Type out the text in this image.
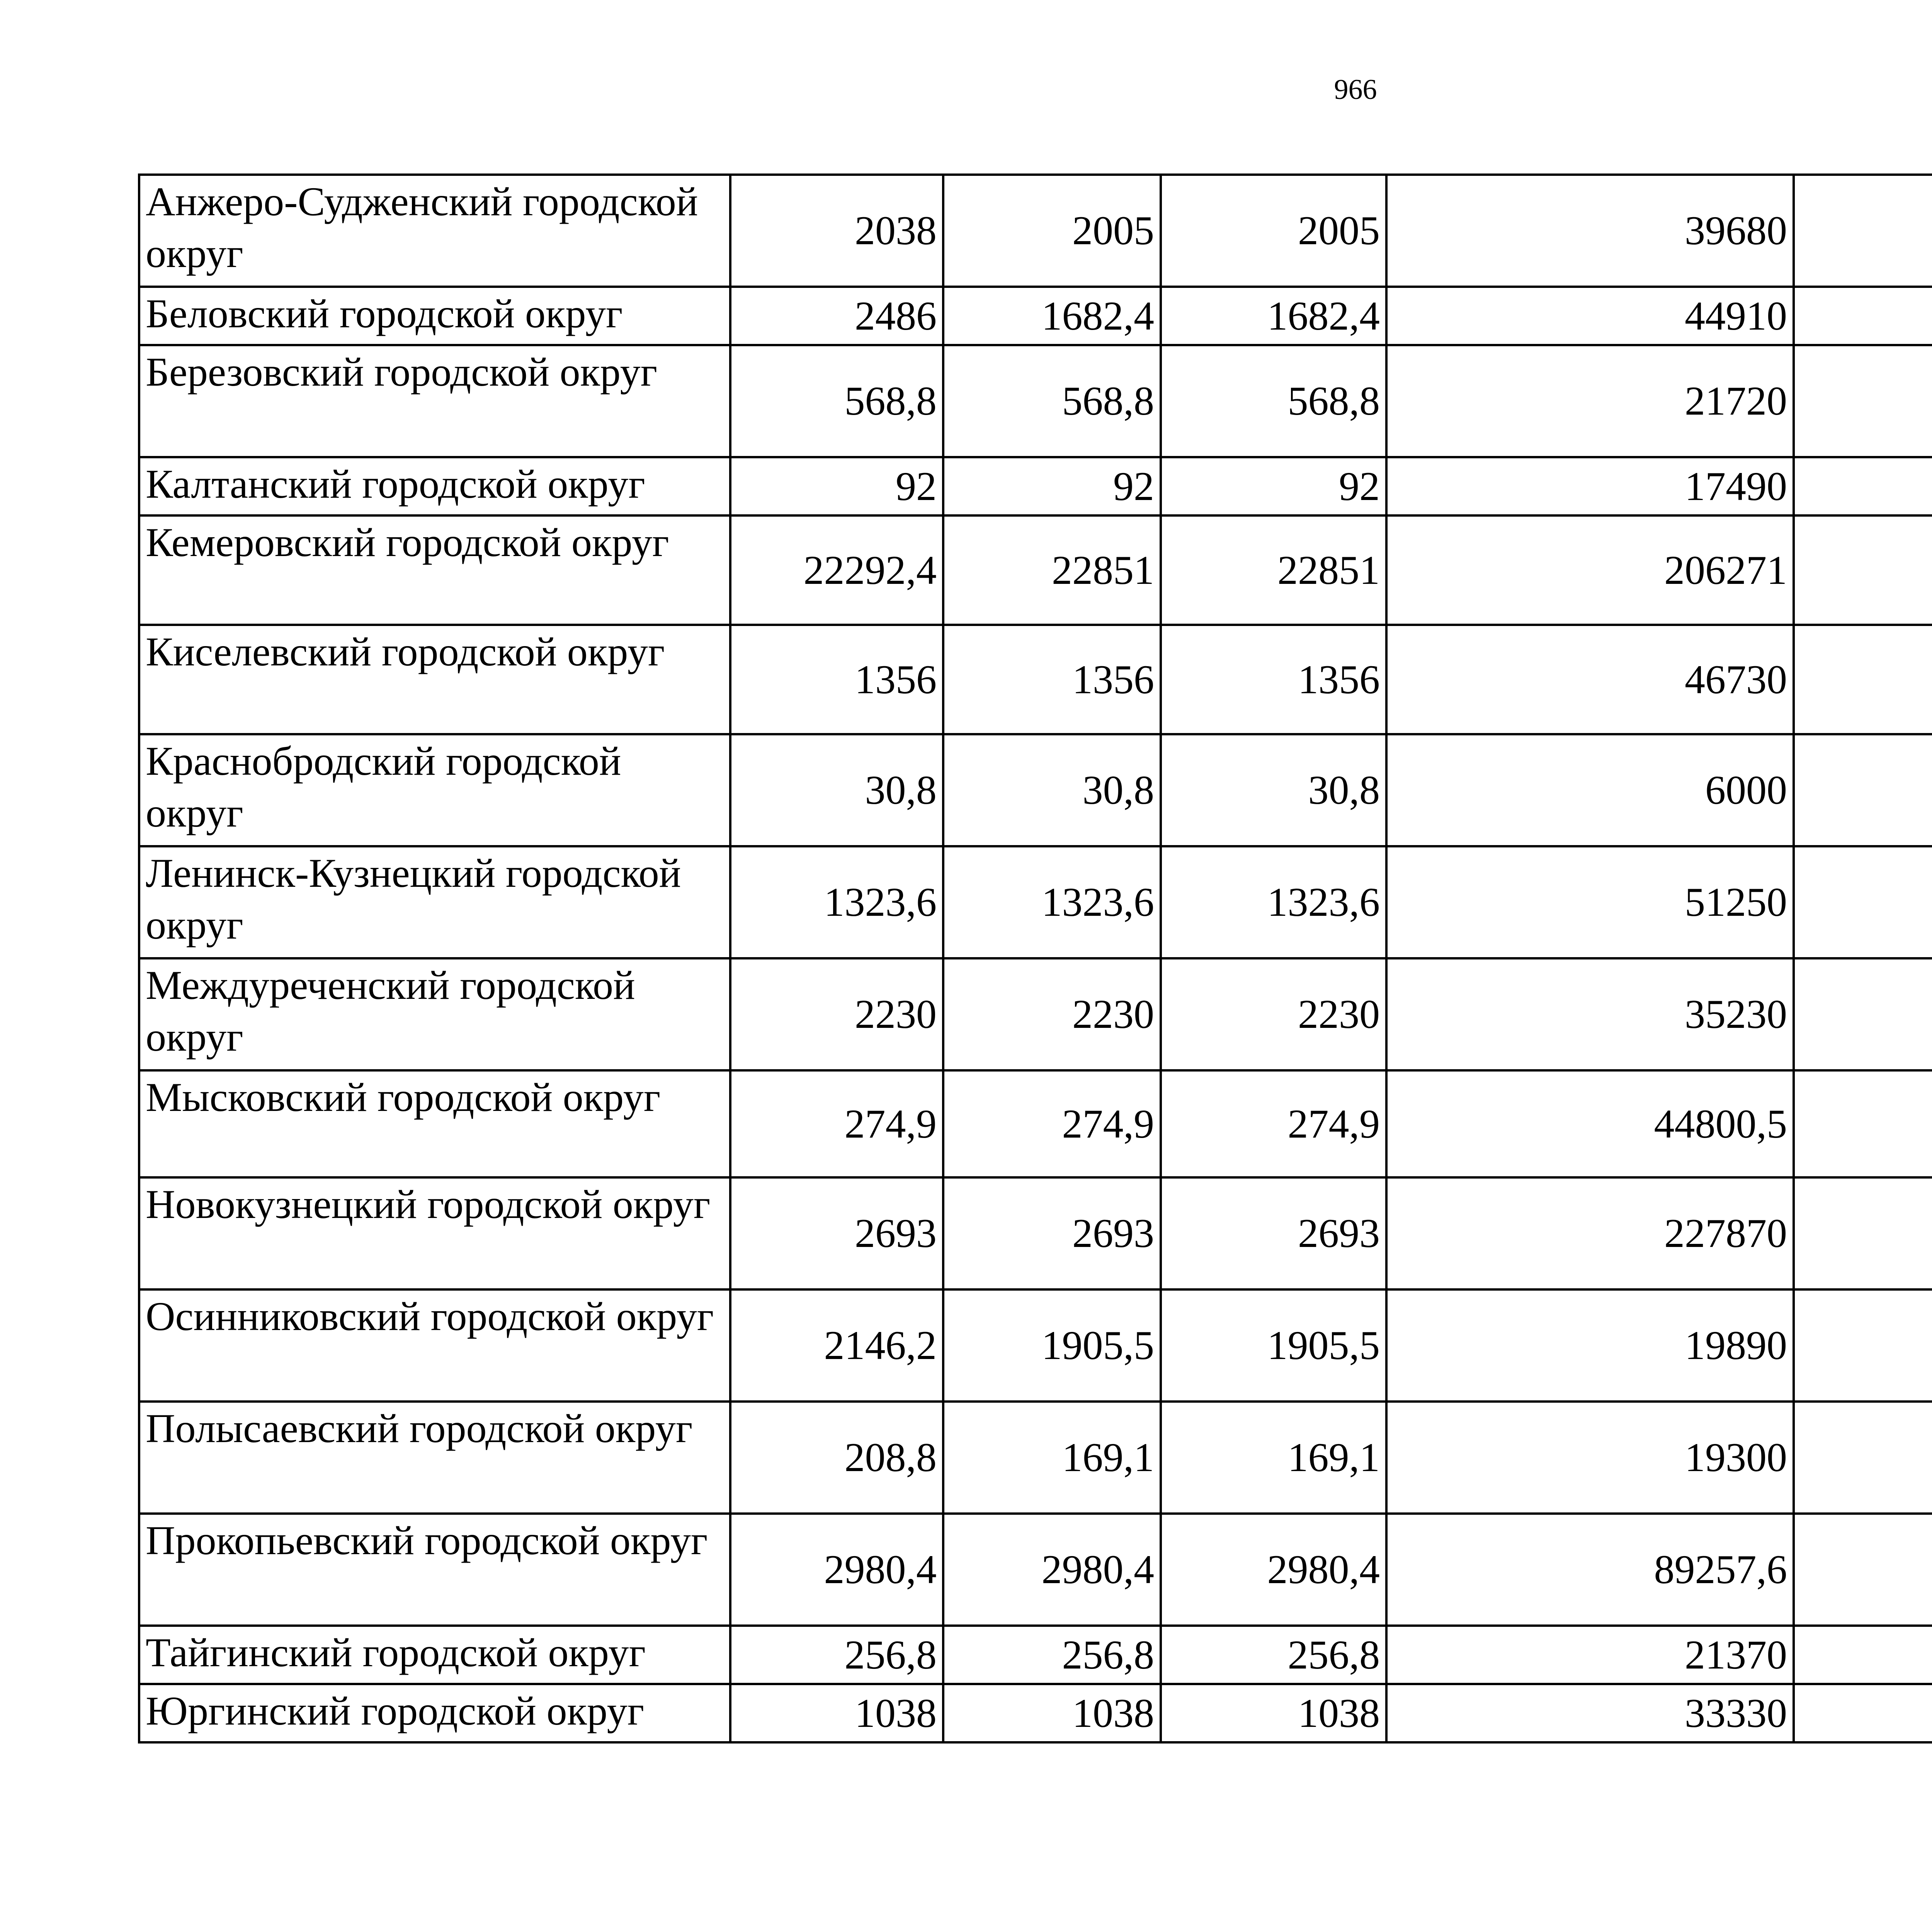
966
Анжеро-Судженский городской округ	2038	2005	2005	39680		
Беловский городской округ	2486	1682,4	1682,4	44910		
Березовский городской округ	568,8	568,8	568,8	21720		
Калтанский городской округ	92	92	92	17490		
Кемеровский городской округ	22292,4	22851	22851	206271		
Киселевский городской округ	1356	1356	1356	46730		
Краснобродский городской округ	30,8	30,8	30,8	6000		
Ленинск-Кузнецкий городской округ	1323,6	1323,6	1323,6	51250		
Междуреченский городской округ	2230	2230	2230	35230		
Мысковский городской округ	274,9	274,9	274,9	44800,5		
Новокузнецкий городской округ	2693	2693	2693	227870		
Осинниковский городской округ	2146,2	1905,5	1905,5	19890		
Полысаевский городской округ	208,8	169,1	169,1	19300		
Прокопьевский городской округ	2980,4	2980,4	2980,4	89257,6		
Тайгинский городской округ	256,8	256,8	256,8	21370		
Юргинский городской округ	1038	1038	1038	33330		
